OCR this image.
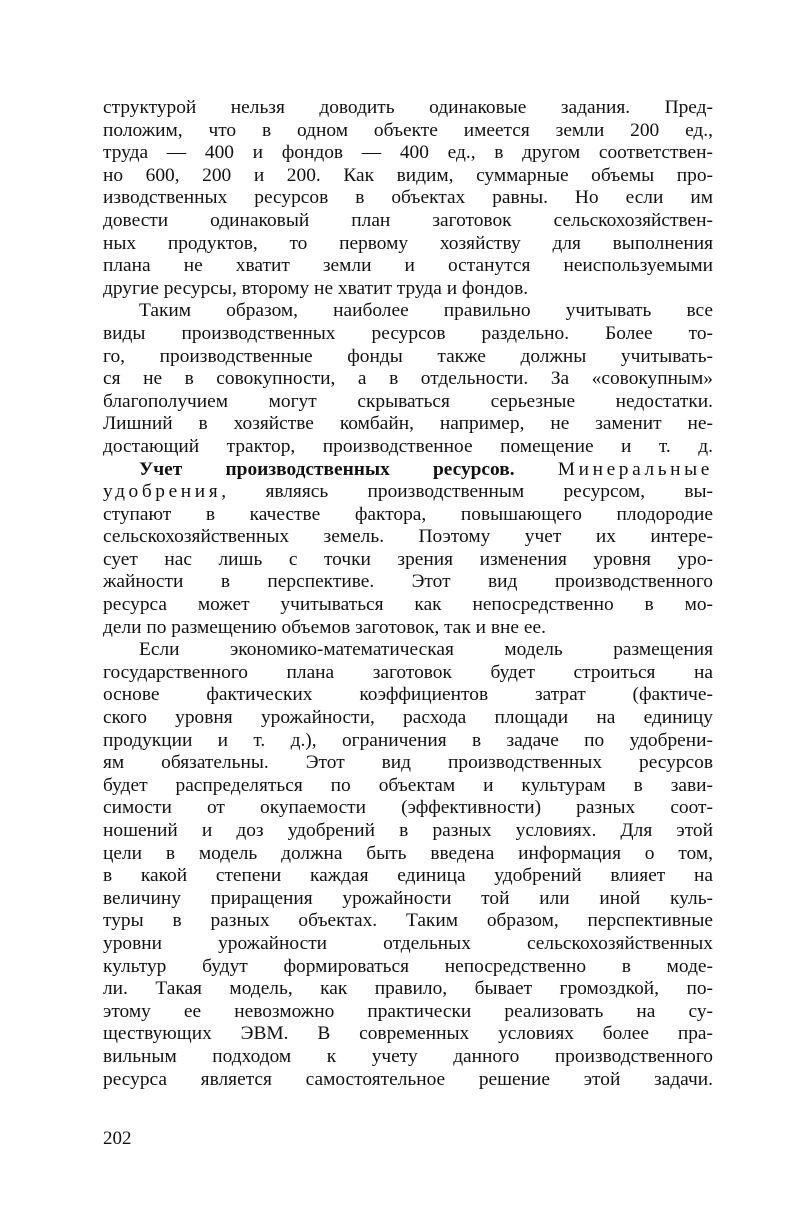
структурой нельзя доводить одинаковые задания. Пред-
положим, что в одном объекте имеется земли 200 ед.,
труда — 400 и фондов — 400 ед., в другом соответствен-
но 600, 200 и 200. Как видим, суммарные объемы про-
изводственных ресурсов в объектах равны. Но если им
довести одинаковый план заготовок сельскохозяйствен-
ных продуктов, то первому хозяйству для выполнения
плана не хватит земли и останутся неиспользуемыми
другие ресурсы, второму не хватит труда и фондов.
Таким образом, наиболее правильно учитывать все
виды производственных ресурсов раздельно. Более то-
го, производственные фонды также должны учитывать-
ся не в совокупности, а в отдельности. За «совокупным»
благополучием могут скрываться серьезные недостатки.
Лишний в хозяйстве комбайн, например, не заменит не-
достающий трактор, производственное помещение и т. д.
Учет производственных ресурсов. Минеральные
удобрения, являясь производственным ресурсом, вы-
ступают в качестве фактора, повышающего плодородие
сельскохозяйственных земель. Поэтому учет их интере-
сует нас лишь с точки зрения изменения уровня уро-
жайности в перспективе. Этот вид производственного
ресурса может учитываться как непосредственно в мо-
дели по размещению объемов заготовок, так и вне ее.
Если экономико-математическая модель размещения
государственного плана заготовок будет строиться на
основе фактических коэффициентов затрат (фактиче-
ского уровня урожайности, расхода площади на единицу
продукции и т. д.), ограничения в задаче по удобрени-
ям обязательны. Этот вид производственных ресурсов
будет распределяться по объектам и культурам в зави-
симости от окупаемости (эффективности) разных соот-
ношений и доз удобрений в разных условиях. Для этой
цели в модель должна быть введена информация о том,
в какой степени каждая единица удобрений влияет на
величину приращения урожайности той или иной куль-
туры в разных объектах. Таким образом, перспективные
уровни урожайности отдельных сельскохозяйственных
культур будут формироваться непосредственно в моде-
ли. Такая модель, как правило, бывает громоздкой, по-
этому ее невозможно практически реализовать на су-
ществующих ЭВМ. В современных условиях более пра-
вильным подходом к учету данного производственного
ресурса является самостоятельное решение этой задачи.
202
